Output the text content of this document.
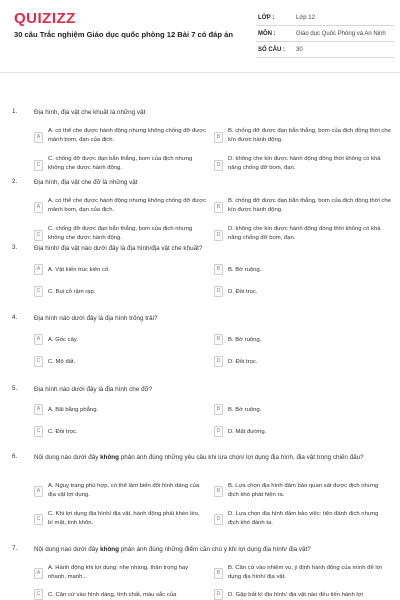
QUIZIZZ
30 câu Trắc nghiệm Giáo dục quốc phòng 12 Bài 7 có đáp án
LỚP :	Lớp 12
MÔN :	Giáo dục Quốc Phòng và An Ninh
SỐ CÂU : 30
1.	Địa hình, địa vật che khuất là những vật
A
A. có thể che được hành động nhưng không chống đỡ được mảnh bom, đạn của địch.	B
B. chống đỡ được đạn bắn thẳng, bom của địch đồng thời che kín được hành động.
C
C. chống đỡ được đạn bắn thẳng, bom của địch nhưng không che được hành động.	D
D. không che kín được hành động đồng thời không có khả năng chống đỡ bom, đạn.
2.	Địa hình, địa vật che đỡ là những vật
A
A. có thể che được hành động nhưng không chống đỡ được mảnh bom, đạn của địch.	B
B. chống đỡ được đạn bắn thẳng, bom của địch đồng thời che kín được hành động.
C
C. chống đỡ được đạn bắn thẳng, bom của địch nhưng không che được hành động.	D
D. không che kín được hành động đồng thời không có khả năng chống đỡ bom, đạn.
3.	Địa hình/ địa vật nào dưới đây là địa hình/địa vật che khuất?
A	A. Vật kiến trúc kiên cố.	B	B. Bờ ruộng.
C	C. Bụi cỏ rậm rạp.	D	D. Đồi trọc.
4.	Địa hình nào dưới đây là địa hình trống trải?
A	A. Gốc cây.	B	B. Bờ ruộng.
C	C. Mô đất.	D	D. Đồi trọc.
5.	Địa hình nào dưới đây là địa hình che đỡ?
A	A. Bãi bằng phẳng.	B	B. Bờ ruộng.
C	C. Đồi trọc.	D	D. Mặt đường.
6.	Nội dung nào dưới đây không phản ánh đúng những yêu cầu khi lựa chọn/ lợi dụng địa hình, địa vật trong chiến đấu?
A
A. Nguỵ trang phù hợp, có thể làm biến đổi hình dáng của địa vật lợi dụng.
B
B. Lựa chọn địa hình đảm bảo quan sát được địch nhưng địch khó phát hiện ra.
C
C. Khi lợi dụng địa hình/ địa vật, hành động phải khéo léo, bí mật, tinh khôn.
D
D. Lựa chọn địa hình đảm bảo việc: tiện đánh địch nhưng địch khó đánh ta.
7.	Nội dung nào dưới đây không phản ánh đúng những điểm cần chú ý khi lợi dụng địa hình/ địa vật?
A
A. Hành động khi lợi dụng: nhẹ nhàng, thận trọng hay nhanh, mạnh...
B
B. Căn cứ vào nhiệm vụ, ý định hành động của mình để lợi dụng địa hình/ địa vật.
C	C. Căn cứ vào hình dáng, tính chất, màu sắc của	D	D. Gặp bất kì địa hình/ địa vật nào đều tiến hành lợi
